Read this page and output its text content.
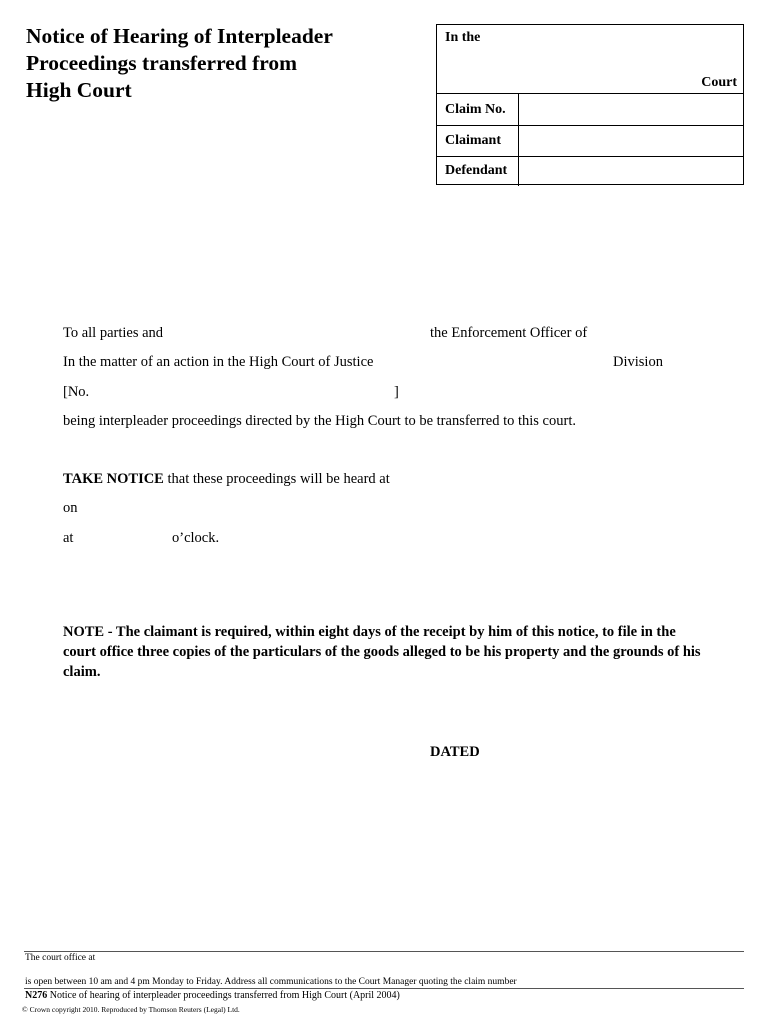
Notice of Hearing of Interpleader
Proceedings transferred from
High Court
In the
Court
Claim No.
Claimant
Defendant
To all parties and	the Enforcement Officer of
In the matter of an action in the High Court of Justice	Division
[No.	]
being interpleader proceedings directed by the High Court to be transferred to this court.
TAKE NOTICE that these proceedings will be heard at
on
at	o’clock.
NOTE - The claimant is required, within eight days of the receipt by him of this notice, to file in the court office three copies of the particulars of the goods alleged to be his property and the grounds of his claim.
DATED
The court office at
is open between 10 am and 4 pm Monday to Friday. Address all communications to the Court Manager quoting the claim number
N276 Notice of hearing of interpleader proceedings transferred from High Court (April 2004)
© Crown copyright 2010. Reproduced by Thomson Reuters (Legal) Ltd.
